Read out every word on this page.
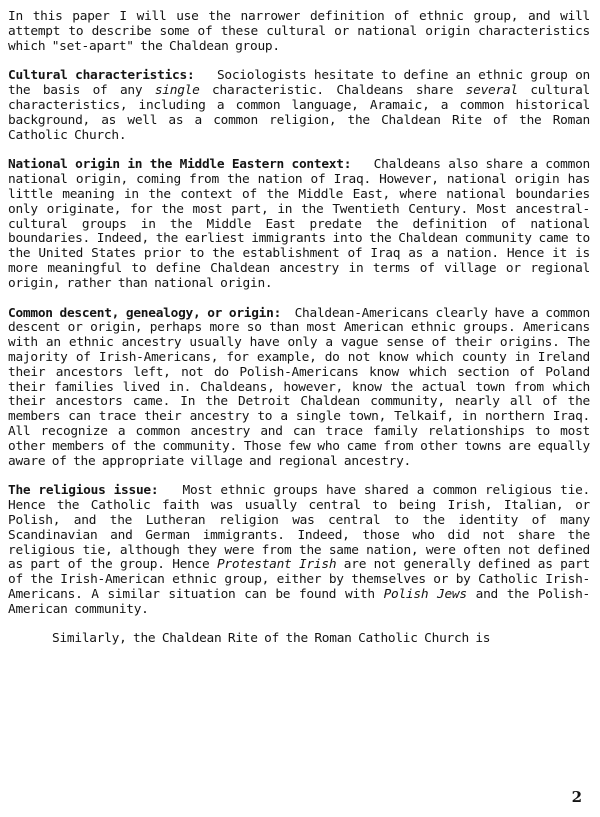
In this paper I will use the narrower definition of ethnic group, and will attempt to describe some of these cultural or national origin characteristics which "set-apart" the Chaldean group.

Cultural characteristics: Sociologists hesitate to define an ethnic group on the basis of any single characteristic. Chaldeans share several cultural characteristics, including a common language, Aramaic, a common historical background, as well as a common religion, the Chaldean Rite of the Roman Catholic Church.

National origin in the Middle Eastern context: Chaldeans also share a common national origin, coming from the nation of Iraq. However, national origin has little meaning in the context of the Middle East, where national boundaries only originate, for the most part, in the Twentieth Century. Most ancestral-cultural groups in the Middle East predate the definition of national boundaries. Indeed, the earliest immigrants into the Chaldean community came to the United States prior to the establishment of Iraq as a nation. Hence it is more meaningful to define Chaldean ancestry in terms of village or regional origin, rather than national origin.

Common descent, genealogy, or origin: Chaldean-Americans clearly have a common descent or origin, perhaps more so than most American ethnic groups. Americans with an ethnic ancestry usually have only a vague sense of their origins. The majority of Irish-Americans, for example, do not know which county in Ireland their ancestors left, not do Polish-Americans know which section of Poland their families lived in. Chaldeans, however, know the actual town from which their ancestors came. In the Detroit Chaldean community, nearly all of the members can trace their ancestry to a single town, Telkaif, in northern Iraq. All recognize a common ancestry and can trace family relationships to most other members of the community. Those few who came from other towns are equally aware of the appropriate village and regional ancestry.

The religious issue: Most ethnic groups have shared a common religious tie. Hence the Catholic faith was usually central to being Irish, Italian, or Polish, and the Lutheran religion was central to the identity of many Scandinavian and German immigrants. Indeed, those who did not share the religious tie, although they were from the same nation, were often not defined as part of the group. Hence Protestant Irish are not generally defined as part of the Irish-American ethnic group, either by themselves or by Catholic Irish-Americans. A similar situation can be found with Polish Jews and the Polish-American community.

Similarly, the Chaldean Rite of the Roman Catholic Church is

2
